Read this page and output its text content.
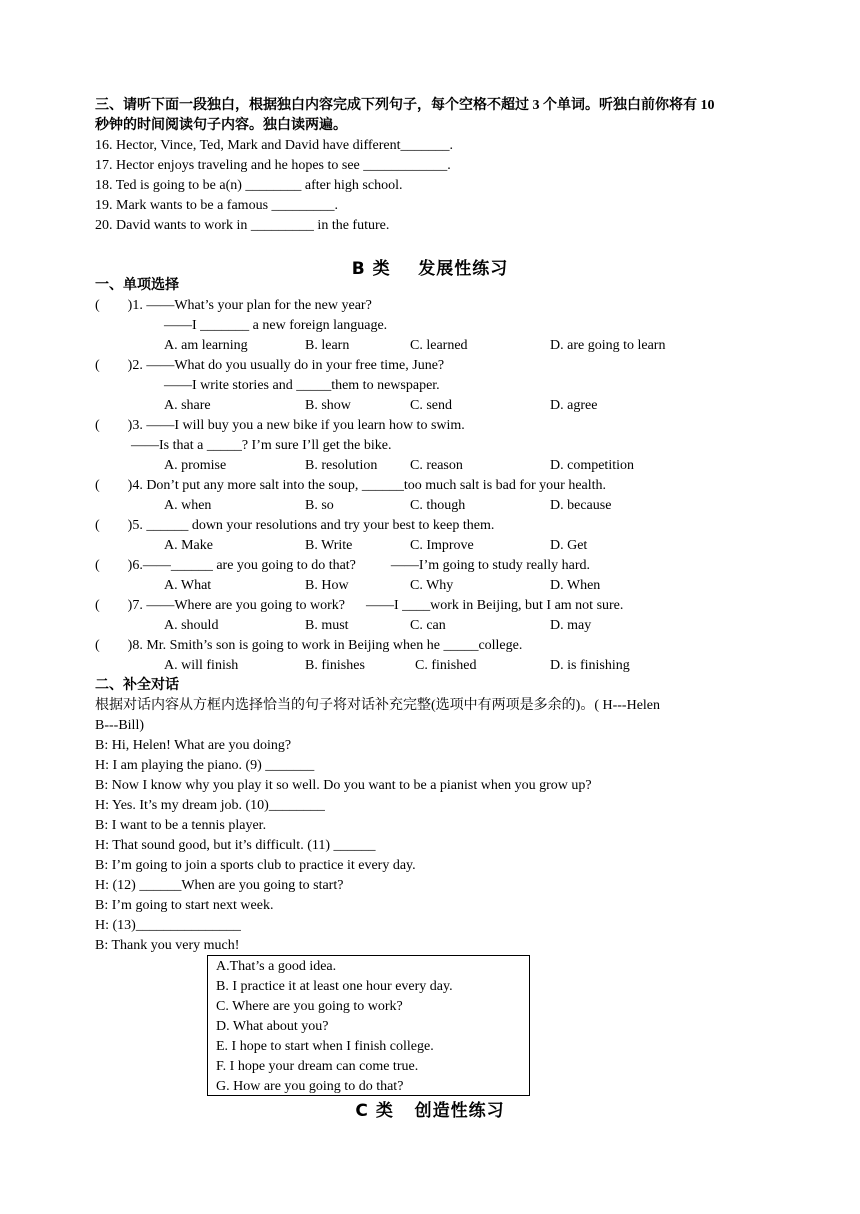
三、请听下面一段独白，根据独白内容完成下列句子，每个空格不超过 3 个单词。听独白前你将有 10
秒钟的时间阅读句子内容。独白读两遍。
16. Hector, Vince, Ted, Mark and David have different_______.
17. Hector enjoys traveling and he hopes to see ____________.
18. Ted is going to be a(n) ________ after high school.
19. Mark wants to be a famous _________.
20. David wants to work in _________ in the future.
B 类    发展性练习
一、单项选择
(        )1. ——What’s your plan for the new year?
——I _______ a new foreign language.
A. am learning	B. learn	C. learned	D. are going to learn
(        )2. ——What do you usually do in your free time, June?
——I write stories and _____them to newspaper.
A. share	B. show	C. send	D. agree
(        )3. ——I will buy you a new bike if you learn how to swim.
——Is that a _____? I’m sure I’ll get the bike.
A. promise	B. resolution C. reason	D. competition
(        )4. Don’t put any more salt into the soup, ______too much salt is bad for your health.
A. when	B. so	C. though	D. because
(        )5. ______ down your resolutions and try your best to keep them.
A. Make	B. Write	C. Improve	D. Get
(        )6.——______ are you going to do that?          ——I’m going to study really hard.
A. What	B. How	C. Why	D. When
(        )7. ——Where are you going to work?      ——I ____work in Beijing, but I am not sure.
A. should	B. must	C. can	D. may
(        )8. Mr. Smith’s son is going to work in Beijing when he _____college.
A. will finish	B. finishes	C. finished	D. is finishing
二、补全对话
根据对话内容从方框内选择恰当的句子将对话补充完整(选项中有两项是多余的)。( H---Helen
B---Bill)
B: Hi, Helen! What are you doing?
H: I am playing the piano. (9) _______
B: Now I know why you play it so well. Do you want to be a pianist when you grow up?
H: Yes. It’s my dream job. (10)________
B: I want to be a tennis player.
H: That sound good, but it’s difficult. (11) ______
B: I’m going to join a sports club to practice it every day.
H: (12) ______When are you going to start?
B: I’m going to start next week.
H: (13)_______________
B: Thank you very much!
A.That’s a good idea.
B. I practice it at least one hour every day.
C. Where are you going to work?
D. What about you?
E. I hope to start when I finish college.
F. I hope your dream can come true.
G. How are you going to do that?
C 类   创造性练习
